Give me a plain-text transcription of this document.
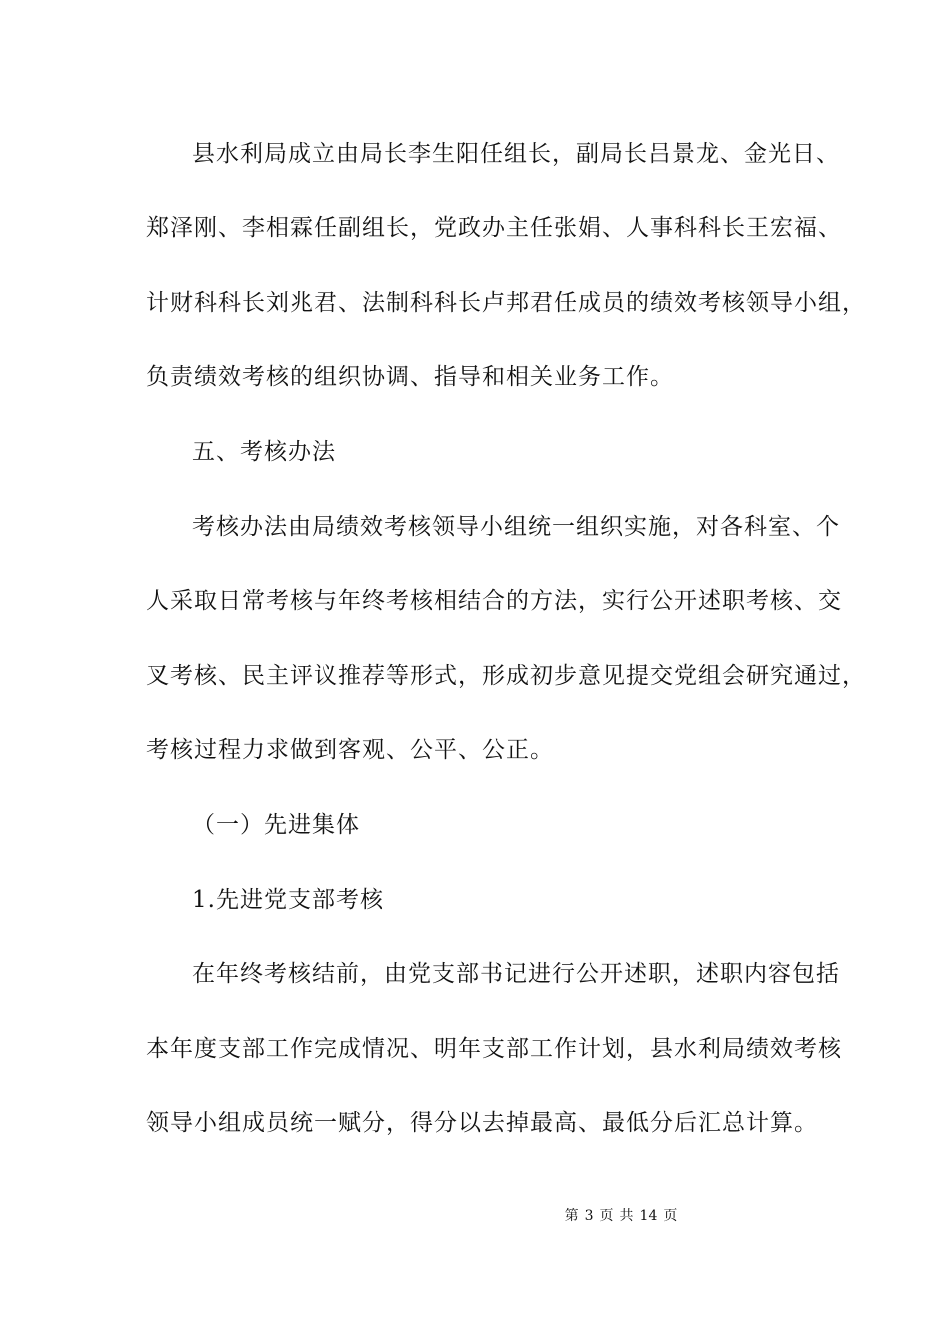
县水利局成立由局长李生阳任组长，副局长吕景龙、金光日、
郑泽刚、李相霖任副组长，党政办主任张娟、人事科科长王宏福、
计财科科长刘兆君、法制科科长卢邦君任成员的绩效考核领导小组，
负责绩效考核的组织协调、指导和相关业务工作。
五、考核办法
考核办法由局绩效考核领导小组统一组织实施，对各科室、个
人采取日常考核与年终考核相结合的方法，实行公开述职考核、交
叉考核、民主评议推荐等形式，形成初步意见提交党组会研究通过，
考核过程力求做到客观、公平、公正。
（一）先进集体
1.先进党支部考核
在年终考核结前，由党支部书记进行公开述职，述职内容包括
本年度支部工作完成情况、明年支部工作计划，县水利局绩效考核
领导小组成员统一赋分，得分以去掉最高、最低分后汇总计算。
第 3 页 共 14 页
